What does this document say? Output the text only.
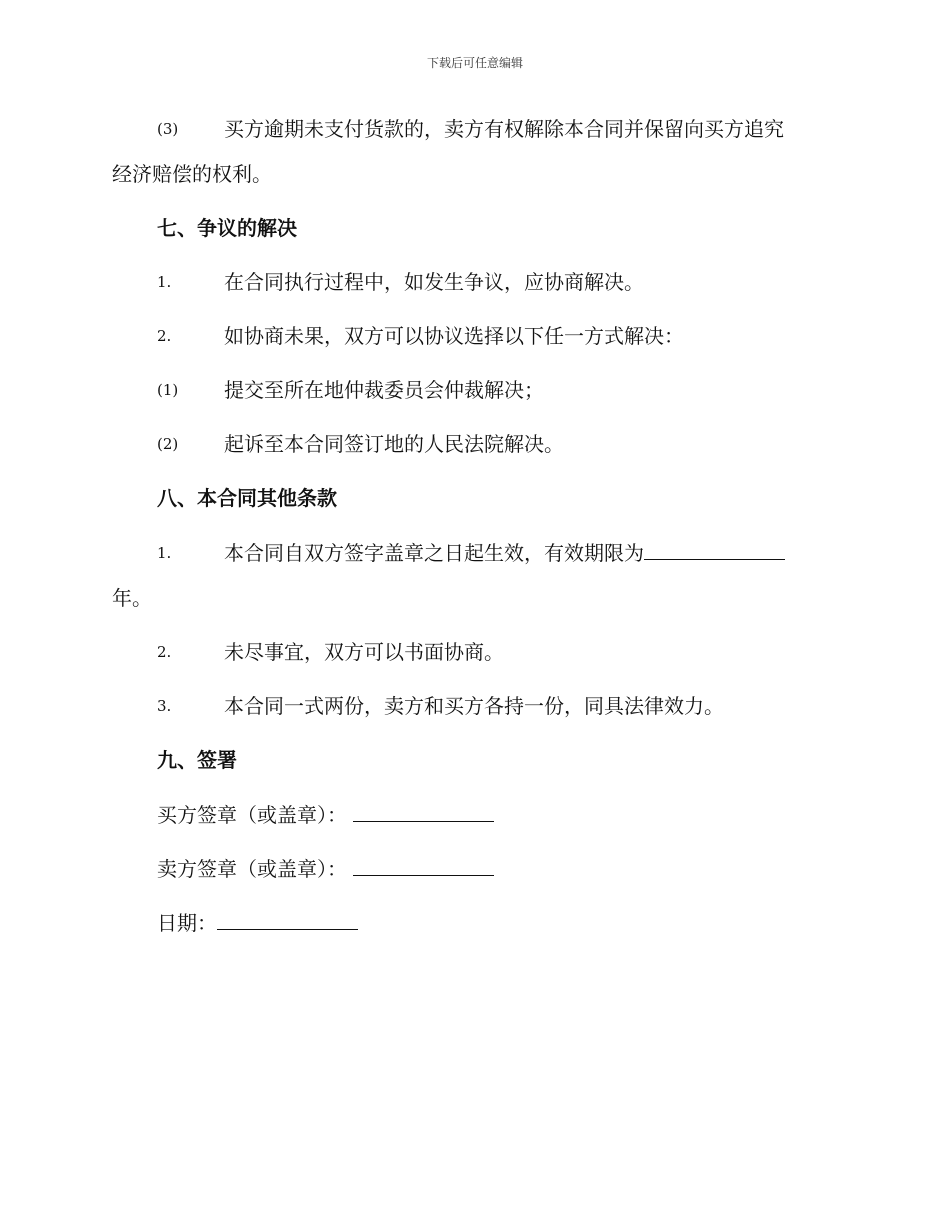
下载后可任意编辑
(3) 买方逾期未支付货款的，卖方有权解除本合同并保留向买方追究
经济赔偿的权利。
七、争议的解决
1.	在合同执行过程中，如发生争议，应协商解决。
2.	如协商未果，双方可以协议选择以下任一方式解决：
(1) 提交至所在地仲裁委员会仲裁解决；
(2) 起诉至本合同签订地的人民法院解决。
八、本合同其他条款
1.	本合同自双方签字盖章之日起生效，有效期限为
年。
2.	未尽事宜，双方可以书面协商。
3.	本合同一式两份，卖方和买方各持一份，同具法律效力。
九、签署
买方签章（或盖章）：
卖方签章（或盖章）：
日期：
